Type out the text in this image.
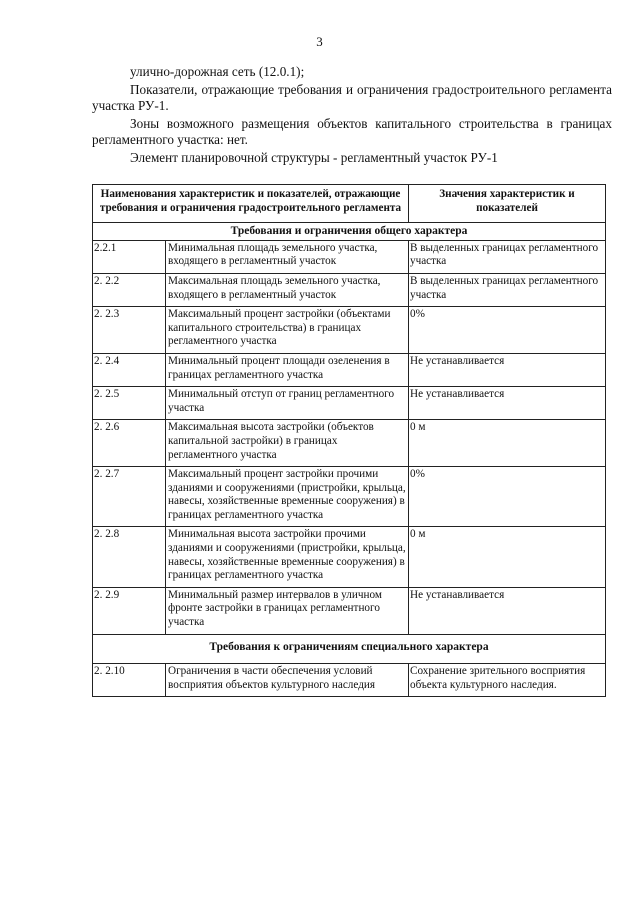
3

улично-дорожная сеть (12.0.1);

Показатели, отражающие требования и ограничения градостроительного регламента участка РУ-1.

Зоны возможного размещения объектов капитального строительства в границах регламентного участка: нет.

Элемент планировочной структуры - регламентный участок РУ-1

Наименования характеристик и показателей, отражающие требования и ограничения градостроительного регламента		Значения характеристик и показателей
Требования и ограничения общего характера		
2.2.1	Минимальная площадь земельного участка, входящего в регламентный участок	В выделенных границах регламентного участка
2. 2.2	Максимальная площадь земельного участка, входящего в регламентный участок	В выделенных границах регламентного участка
2. 2.3	Максимальный процент застройки (объектами капитального строительства) в границах регламентного участка	0%
2. 2.4	Минимальный процент площади озеленения в границах регламентного участка	Не устанавливается
2. 2.5	Минимальный отступ от границ регламентного участка	Не устанавливается
2. 2.6	Максимальная высота застройки (объектов капитальной застройки) в границах регламентного участка	0 м
2. 2.7	Максимальный процент застройки прочими зданиями и сооружениями (пристройки, крыльца, навесы, хозяйственные временные сооружения) в границах регламентного участка	0%
2. 2.8	Минимальная высота застройки прочими зданиями и сооружениями (пристройки, крыльца, навесы, хозяйственные временные сооружения) в границах регламентного участка	0 м
2. 2.9	Минимальный размер интервалов в уличном фронте застройки в границах регламентного участка	Не устанавливается
Требования к ограничениям специального характера		
2. 2.10	Ограничения в части обеспечения условий восприятия объектов культурного наследия	Сохранение зрительного восприятия объекта культурного наследия.
